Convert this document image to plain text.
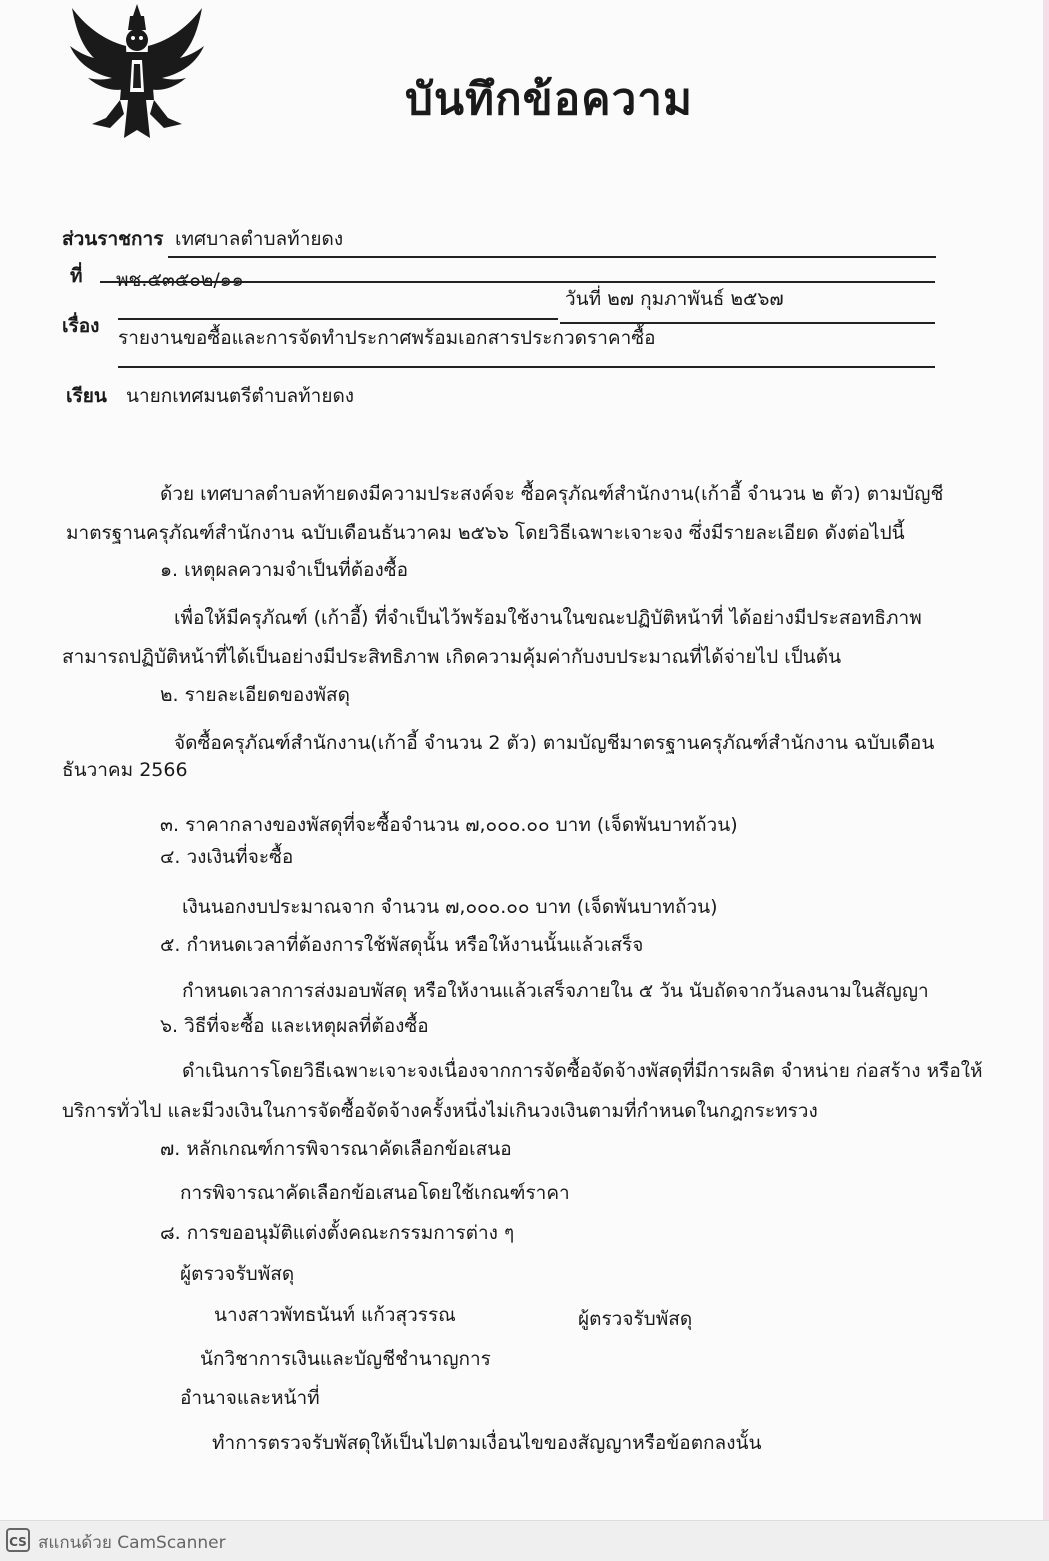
บันทึกข้อความ
ส่วนราชการ เทศบาลตำบลท้ายดง
ที่ พช.๕๓๕๐๒/๑๑
วันที่ ๒๗ กุมภาพันธ์ ๒๕๖๗
เรื่อง
รายงานขอซื้อและการจัดทำประกาศพร้อมเอกสารประกวดราคาซื้อ
เรียน นายกเทศมนตรีตำบลท้ายดง
ด้วย เทศบาลตำบลท้ายดงมีความประสงค์จะ ซื้อครุภัณฑ์สำนักงาน(เก้าอี้ จำนวน ๒ ตัว) ตามบัญชี
มาตรฐานครุภัณฑ์สำนักงาน ฉบับเดือนธันวาคม ๒๕๖๖ โดยวิธีเฉพาะเจาะจง ซึ่งมีรายละเอียด ดังต่อไปนี้
๑. เหตุผลความจำเป็นที่ต้องซื้อ
เพื่อให้มีครุภัณฑ์ (เก้าอี้) ที่จำเป็นไว้พร้อมใช้งานในขณะปฏิบัติหน้าที่ ได้อย่างมีประสอทธิภาพ
สามารถปฏิบัติหน้าที่ได้เป็นอย่างมีประสิทธิภาพ เกิดความคุ้มค่ากับงบประมาณที่ได้จ่ายไป เป็นต้น
๒. รายละเอียดของพัสดุ
จัดซื้อครุภัณฑ์สำนักงาน(เก้าอี้ จำนวน 2 ตัว) ตามบัญชีมาตรฐานครุภัณฑ์สำนักงาน ฉบับเดือน
ธันวาคม 2566
๓. ราคากลางของพัสดุที่จะซื้อจำนวน ๗,๐๐๐.๐๐ บาท (เจ็ดพันบาทถ้วน)
๔. วงเงินที่จะซื้อ
เงินนอกงบประมาณจาก จำนวน ๗,๐๐๐.๐๐ บาท (เจ็ดพันบาทถ้วน)
๕. กำหนดเวลาที่ต้องการใช้พัสดุนั้น หรือให้งานนั้นแล้วเสร็จ
กำหนดเวลาการส่งมอบพัสดุ หรือให้งานแล้วเสร็จภายใน ๕ วัน นับถัดจากวันลงนามในสัญญา
๖. วิธีที่จะซื้อ และเหตุผลที่ต้องซื้อ
ดำเนินการโดยวิธีเฉพาะเจาะจงเนื่องจากการจัดซื้อจัดจ้างพัสดุที่มีการผลิต จำหน่าย ก่อสร้าง หรือให้
บริการทั่วไป และมีวงเงินในการจัดซื้อจัดจ้างครั้งหนึ่งไม่เกินวงเงินตามที่กำหนดในกฎกระทรวง
๗. หลักเกณฑ์การพิจารณาคัดเลือกข้อเสนอ
การพิจารณาคัดเลือกข้อเสนอโดยใช้เกณฑ์ราคา
๘. การขออนุมัติแต่งตั้งคณะกรรมการต่าง ๆ
ผู้ตรวจรับพัสดุ
นางสาวพัทธนันท์ แก้วสุวรรณ	ผู้ตรวจรับพัสดุ
นักวิชาการเงินและบัญชีชำนาญการ
อำนาจและหน้าที่
ทำการตรวจรับพัสดุให้เป็นไปตามเงื่อนไขของสัญญาหรือข้อตกลงนั้น
CS สแกนด้วย CamScanner
